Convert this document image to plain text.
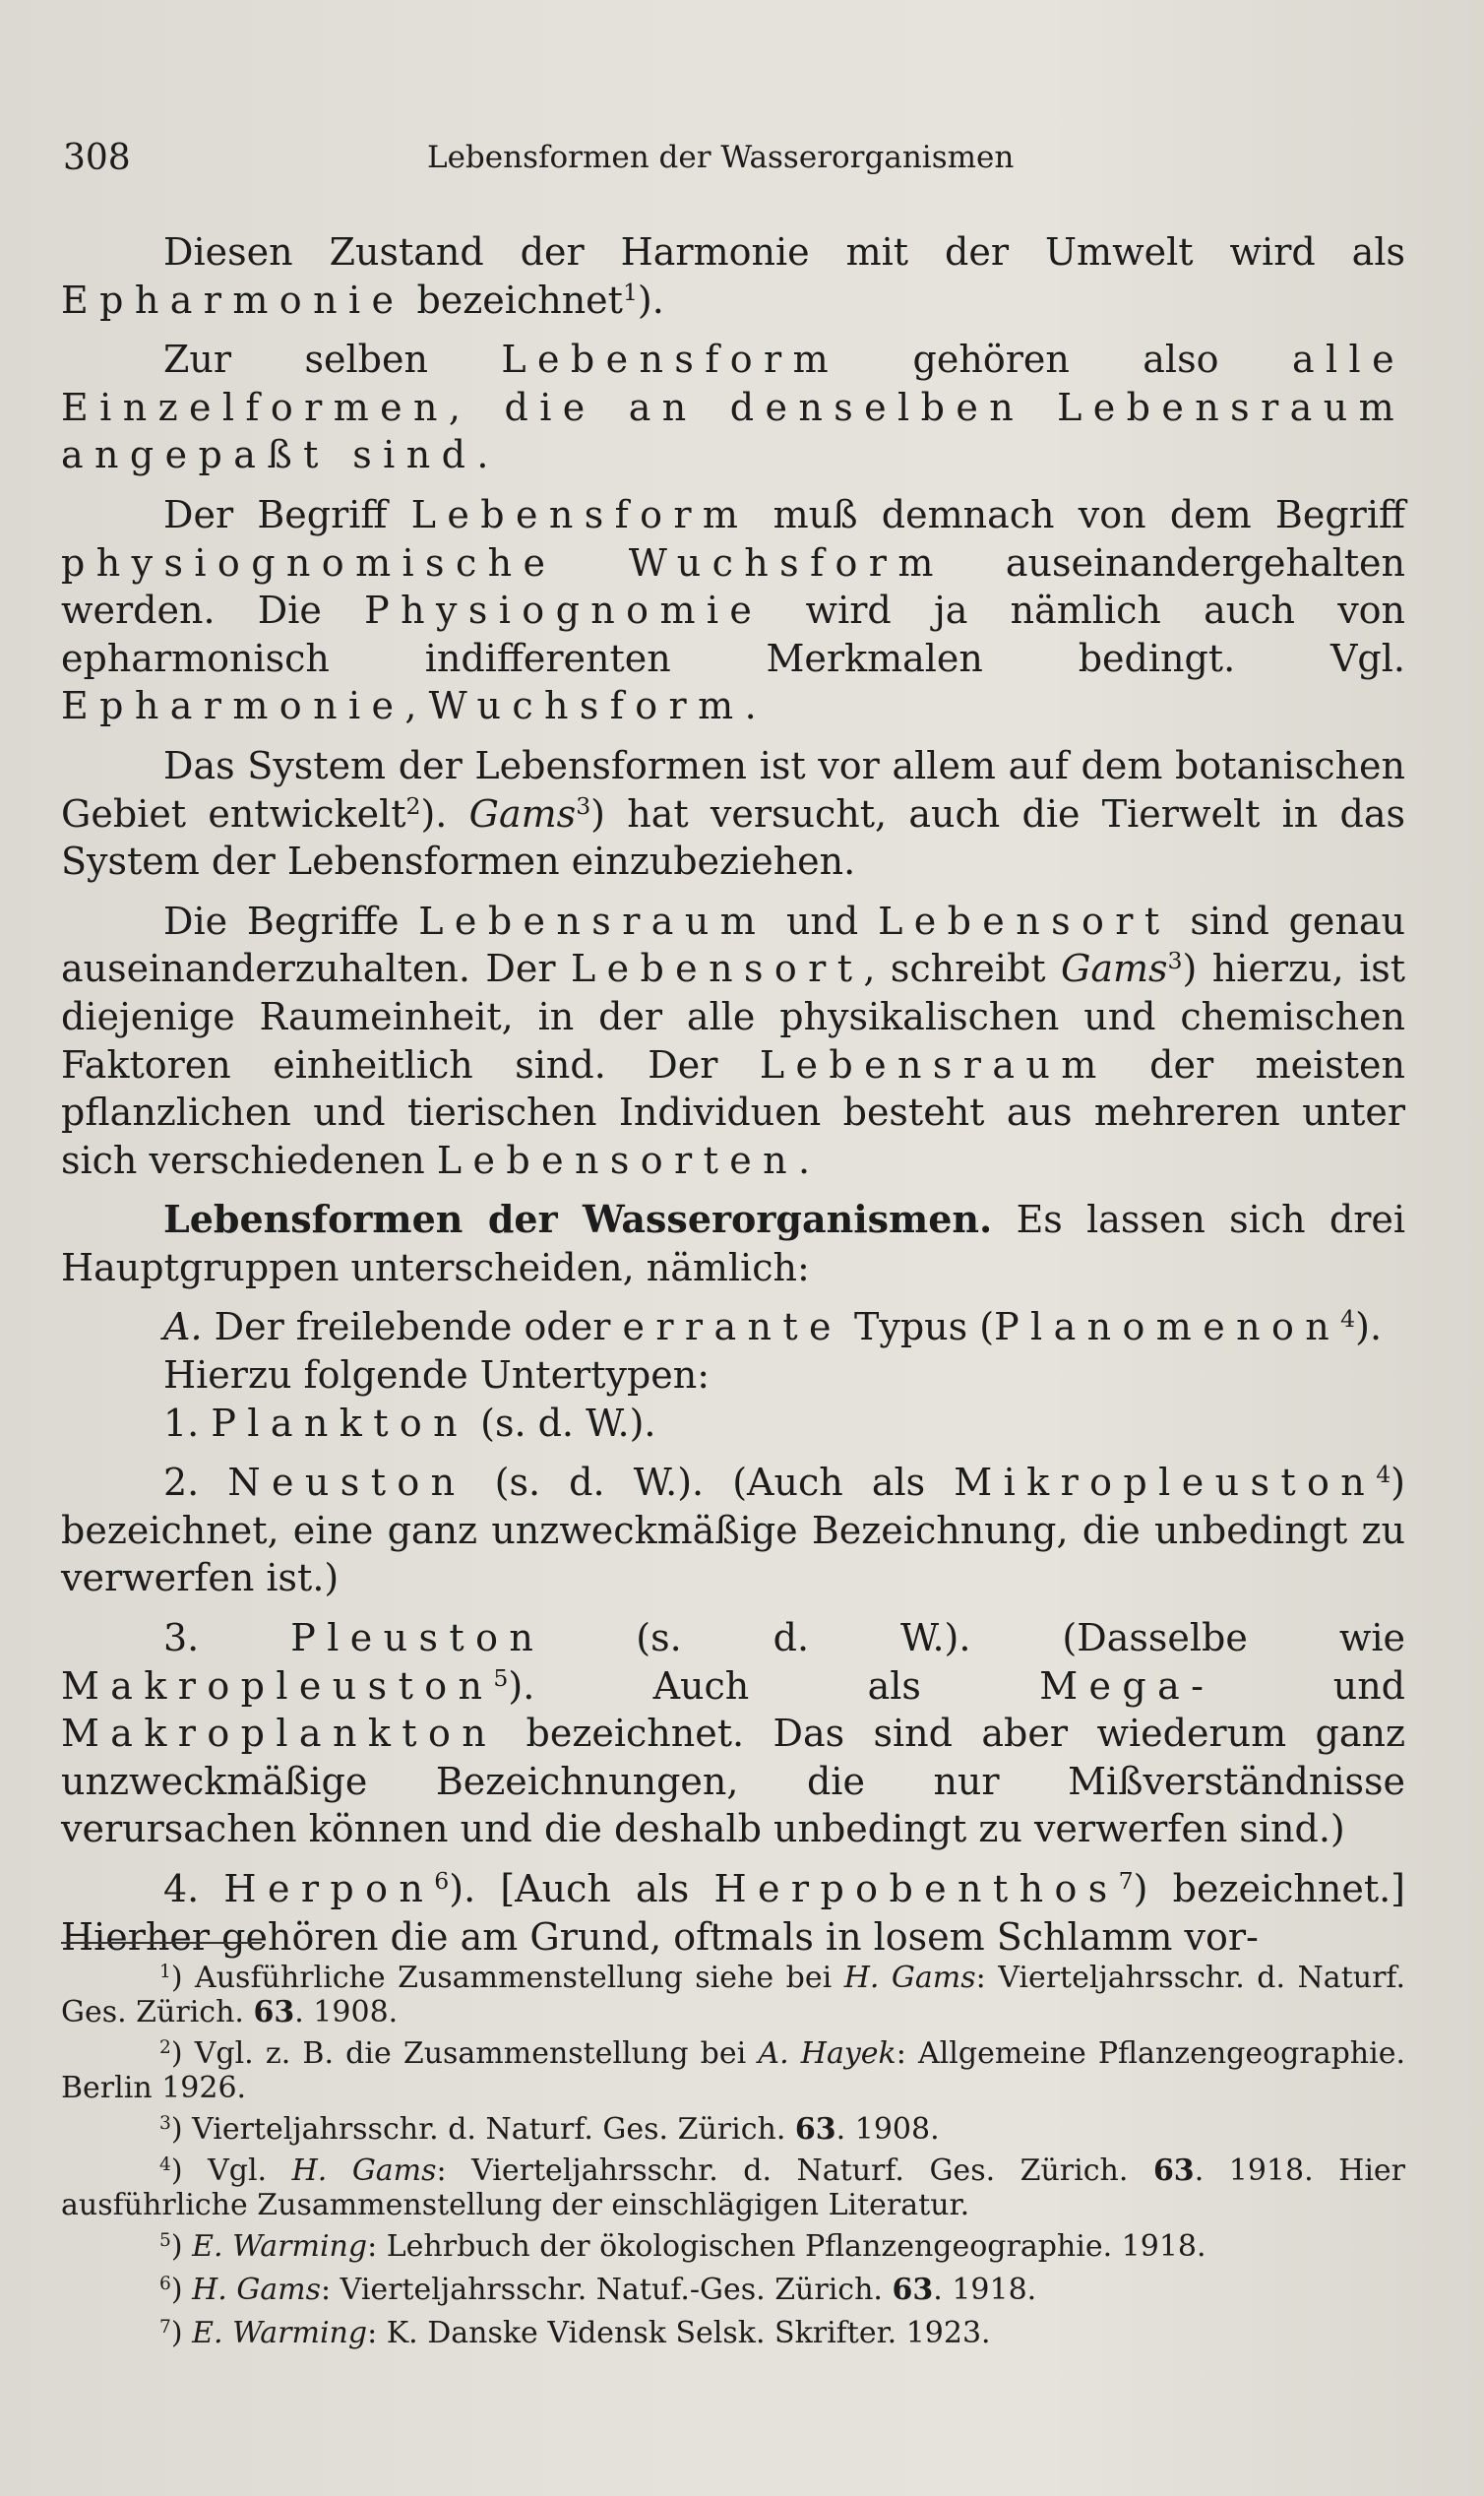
308	Lebensformen der Wasserorganismen

Diesen Zustand der Harmonie mit der Umwelt wird als Epharmonie bezeichnet$^1$).

Zur selben Lebensform gehören also alle Einzelformen, die an denselben Lebensraum angepaßt sind.

Der Begriff Lebensform muß demnach von dem Begriff physiognomische Wuchsform auseinandergehalten werden. Die Physiognomie wird ja nämlich auch von epharmonisch indifferenten Merkmalen bedingt. Vgl. Epharmonie, Wuchsform.

Das System der Lebensformen ist vor allem auf dem botanischen Gebiet entwickelt$^2$). Gams$^3$) hat versucht, auch die Tierwelt in das System der Lebensformen einzubeziehen.

Die Begriffe Lebensraum und Lebensort sind genau auseinanderzuhalten. Der Lebensort, schreibt Gams$^3$) hierzu, ist diejenige Raumeinheit, in der alle physikalischen und chemischen Faktoren einheitlich sind. Der Lebensraum der meisten pflanzlichen und tierischen Individuen besteht aus mehreren unter sich verschiedenen Lebensorten.

Lebensformen der Wasserorganismen. Es lassen sich drei Hauptgruppen unterscheiden, nämlich:

A. Der freilebende oder errante Typus (Planomenon$^4$).

Hierzu folgende Untertypen:

1. Plankton (s. d. W.).

2. Neuston (s. d. W.). (Auch als Mikropleuston$^4$) bezeichnet, eine ganz unzweckmäßige Bezeichnung, die unbedingt zu verwerfen ist.)

3. Pleuston (s. d. W.). (Dasselbe wie Makropleuston$^5$). Auch als Mega- und Makroplankton bezeichnet. Das sind aber wiederum ganz unzweckmäßige Bezeichnungen, die nur Mißverständnisse verursachen können und die deshalb unbedingt zu verwerfen sind.)

4. Herpon$^6$). [Auch als Herpobenthos$^7$) bezeichnet.] Hierher gehören die am Grund, oftmals in losem Schlamm vor-

$^1$) Ausführliche Zusammenstellung siehe bei H. Gams: Vierteljahrsschr. d. Naturf. Ges. Zürich. 63. 1908.

$^2$) Vgl. z. B. die Zusammenstellung bei A. Hayek: Allgemeine Pflanzengeographie. Berlin 1926.

$^3$) Vierteljahrsschr. d. Naturf. Ges. Zürich. 63. 1908.

$^4$) Vgl. H. Gams: Vierteljahrsschr. d. Naturf. Ges. Zürich. 63. 1918. Hier ausführliche Zusammenstellung der einschlägigen Literatur.

$^5$) E. Warming: Lehrbuch der ökologischen Pflanzengeographie. 1918.

$^6$) H. Gams: Vierteljahrsschr. Natuf.-Ges. Zürich. 63. 1918.

$^7$) E. Warming: K. Danske Vidensk Selsk. Skrifter. 1923.
